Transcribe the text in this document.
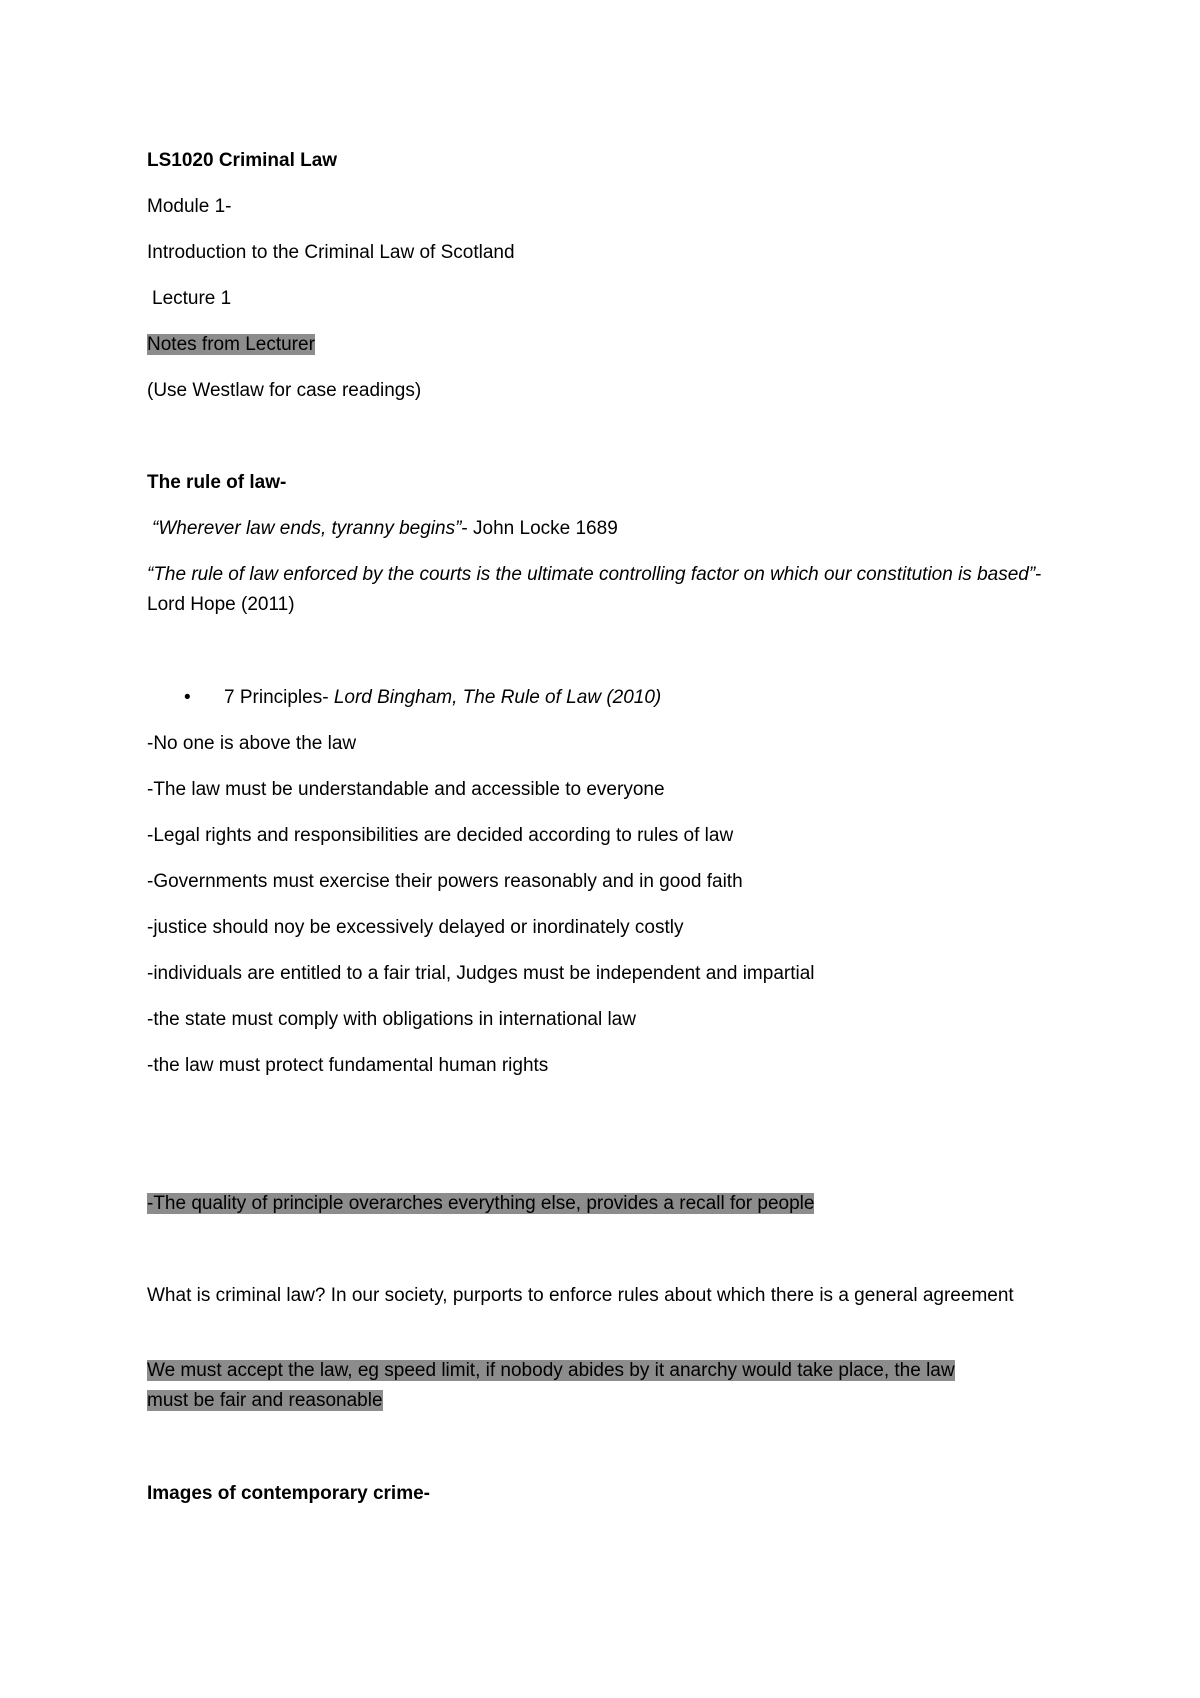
LS1020 Criminal Law
Module 1-
Introduction to the Criminal Law of Scotland
Lecture 1
Notes from Lecturer
(Use Westlaw for case readings)
The rule of law-
“Wherever law ends, tyranny begins”- John Locke 1689
“The rule of law enforced by the courts is the ultimate controlling factor on which our constitution is based”- Lord Hope (2011)
• 7 Principles- Lord Bingham, The Rule of Law (2010)
-No one is above the law
-The law must be understandable and accessible to everyone
-Legal rights and responsibilities are decided according to rules of law
-Governments must exercise their powers reasonably and in good faith
-justice should noy be excessively delayed or inordinately costly
-individuals are entitled to a fair trial, Judges must be independent and impartial
-the state must comply with obligations in international law
-the law must protect fundamental human rights
-The quality of principle overarches everything else, provides a recall for people
What is criminal law? In our society, purports to enforce rules about which there is a general agreement
We must accept the law, eg speed limit, if nobody abides by it anarchy would take place, the law
must be fair and reasonable
Images of contemporary crime-
